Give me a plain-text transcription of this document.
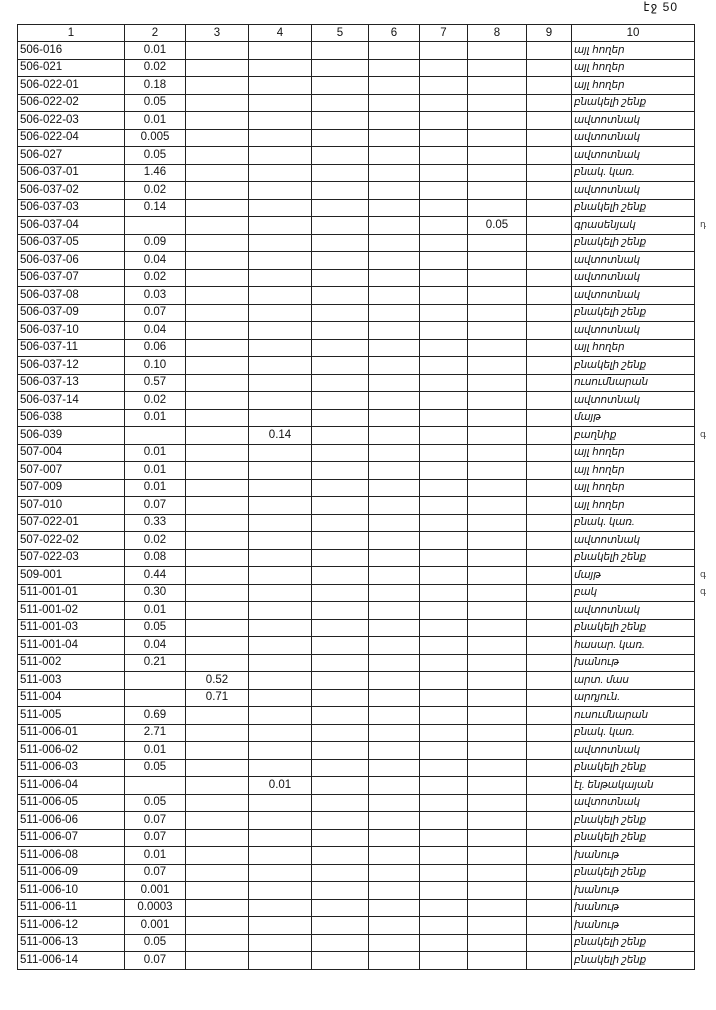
էջ 50
1	2	3	4	5	6	7	8	9	10
506-016	0.01								այլ հողեր
506-021	0.02								այլ հողեր
506-022-01	0.18								այլ հողեր
506-022-02	0.05								բնակելի շենք
506-022-03	0.01								ավտոտնակ
506-022-04	0.005								ավտոտնակ
506-027	0.05								ավտոտնակ
506-037-01	1.46								բնակ. կառ.
506-037-02	0.02								ավտոտնակ
506-037-03	0.14								բնակելի շենք
506-037-04							0.05		գրասենյակ
506-037-05	0.09								բնակելի շենք
506-037-06	0.04								ավտոտնակ
506-037-07	0.02								ավտոտնակ
506-037-08	0.03								ավտոտնակ
506-037-09	0.07								բնակելի շենք
506-037-10	0.04								ավտոտնակ
506-037-11	0.06								այլ հողեր
506-037-12	0.10								բնակելի շենք
506-037-13	0.57								ուսումնարան
506-037-14	0.02								ավտոտնակ
506-038	0.01								մայթ
506-039			0.14						բաղնիք
507-004	0.01								այլ հողեր
507-007	0.01								այլ հողեր
507-009	0.01								այլ հողեր
507-010	0.07								այլ հողեր
507-022-01	0.33								բնակ. կառ.
507-022-02	0.02								ավտոտնակ
507-022-03	0.08								բնակելի շենք
509-001	0.44								մայթ
511-001-01	0.30								բակ
511-001-02	0.01								ավտոտնակ
511-001-03	0.05								բնակելի շենք
511-001-04	0.04								հասար. կառ.
511-002	0.21								խանութ
511-003		0.52							արտ. մաս
511-004		0.71							արդյուն.
511-005	0.69								ուսումնարան
511-006-01	2.71								բնակ. կառ.
511-006-02	0.01								ավտոտնակ
511-006-03	0.05								բնակելի շենք
511-006-04			0.01						էլ. ենթակայան
511-006-05	0.05								ավտոտնակ
511-006-06	0.07								բնակելի շենք
511-006-07	0.07								բնակելի շենք
511-006-08	0.01								խանութ
511-006-09	0.07								բնակելի շենք
511-006-10	0.001								խանութ
511-006-11	0.0003								խանութ
511-006-12	0.001								խանութ
511-006-13	0.05								բնակելի շենք
511-006-14	0.07								բնակելի շենք
դ
գ
գ
գ
